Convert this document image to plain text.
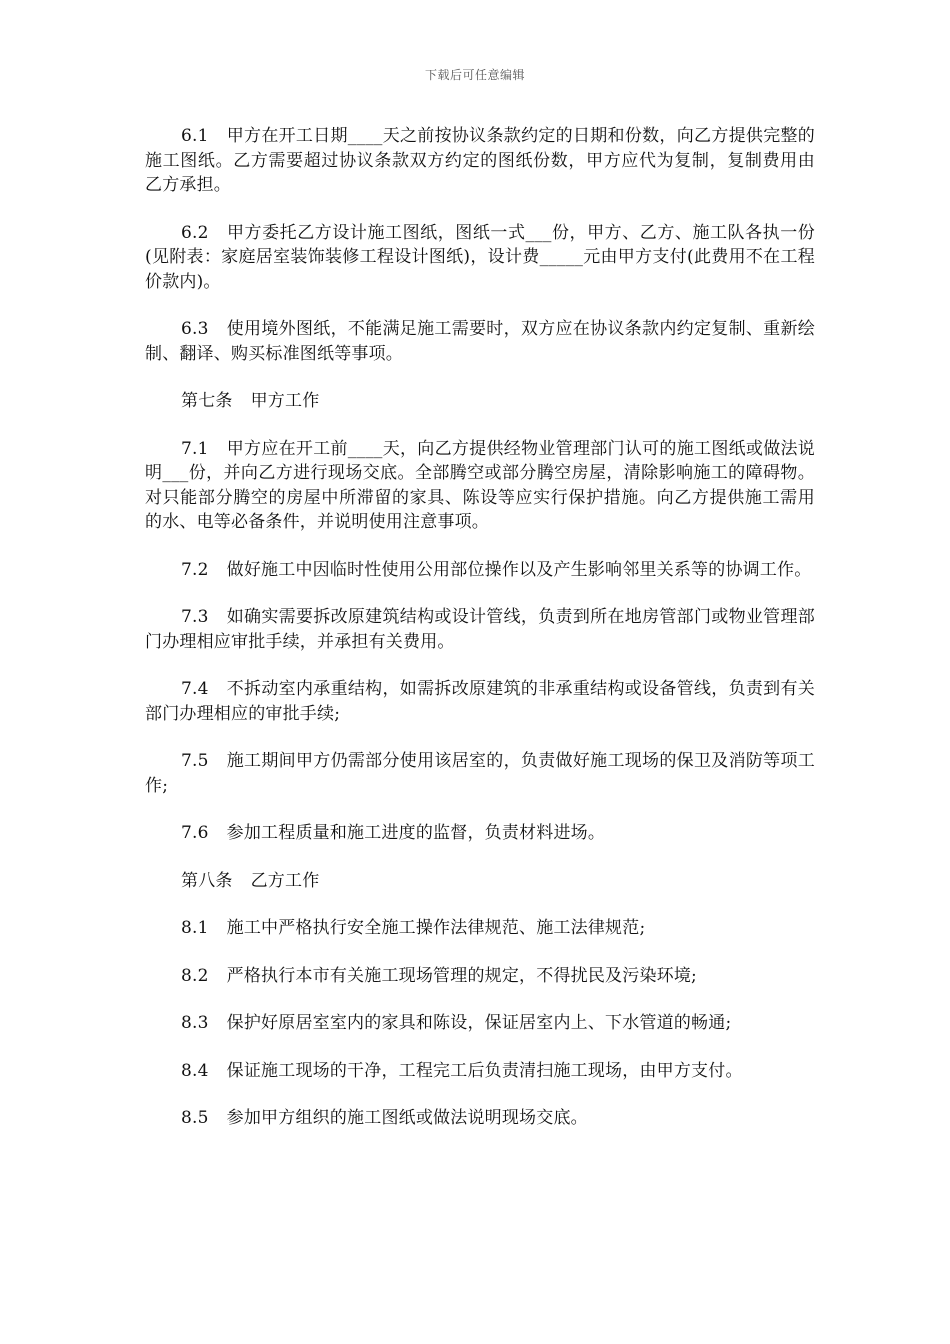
下载后可任意编辑

6.1 甲方在开工日期____天之前按协议条款约定的日期和份数，向乙方提供完整的施工图纸。乙方需要超过协议条款双方约定的图纸份数，甲方应代为复制，复制费用由乙方承担。

6.2 甲方委托乙方设计施工图纸，图纸一式___份，甲方、乙方、施工队各执一份(见附表：家庭居室装饰装修工程设计图纸)，设计费_____元由甲方支付(此费用不在工程价款内)。

6.3 使用境外图纸，不能满足施工需要时，双方应在协议条款内约定复制、重新绘制、翻译、购买标准图纸等事项。

第七条 甲方工作

7.1 甲方应在开工前____天，向乙方提供经物业管理部门认可的施工图纸或做法说明___份，并向乙方进行现场交底。全部腾空或部分腾空房屋，清除影响施工的障碍物。对只能部分腾空的房屋中所滞留的家具、陈设等应实行保护措施。向乙方提供施工需用的水、电等必备条件，并说明使用注意事项。

7.2 做好施工中因临时性使用公用部位操作以及产生影响邻里关系等的协调工作。

7.3 如确实需要拆改原建筑结构或设计管线，负责到所在地房管部门或物业管理部门办理相应审批手续，并承担有关费用。

7.4 不拆动室内承重结构，如需拆改原建筑的非承重结构或设备管线，负责到有关部门办理相应的审批手续;

7.5 施工期间甲方仍需部分使用该居室的，负责做好施工现场的保卫及消防等项工作;

7.6 参加工程质量和施工进度的监督，负责材料进场。

第八条 乙方工作

8.1 施工中严格执行安全施工操作法律规范、施工法律规范;

8.2 严格执行本市有关施工现场管理的规定，不得扰民及污染环境;

8.3 保护好原居室室内的家具和陈设，保证居室内上、下水管道的畅通;

8.4 保证施工现场的干净，工程完工后负责清扫施工现场，由甲方支付。

8.5 参加甲方组织的施工图纸或做法说明现场交底。
